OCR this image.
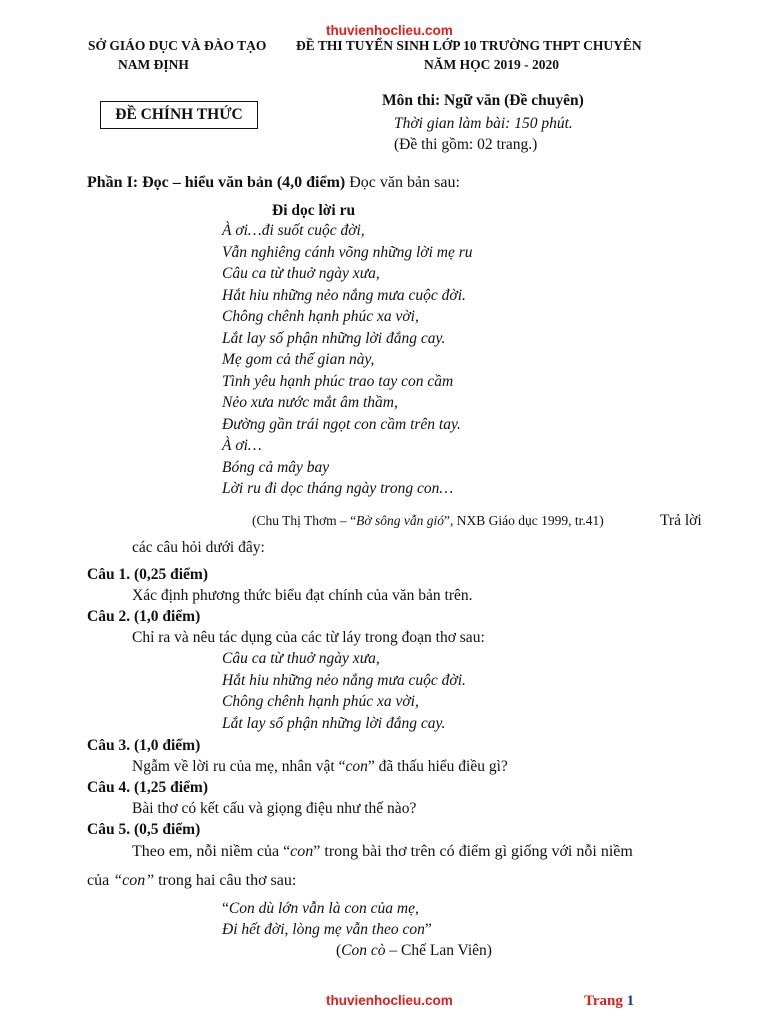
thuvienhoclieu.com
SỞ GIÁO DỤC VÀ ĐÀO TẠO
NAM ĐỊNH
ĐỀ THI TUYỂN SINH LỚP 10 TRƯỜNG THPT CHUYÊN
NĂM HỌC 2019 - 2020
ĐỀ CHÍNH THỨC
Môn thi: Ngữ văn (Đề chuyên)
Thời gian làm bài: 150 phút.
(Đề thi gồm: 02 trang.)
Phần I: Đọc – hiểu văn bản (4,0 điểm) Đọc văn bản sau:
Đi dọc lời ru
À ơi…đi suốt cuộc đời,
Vẫn nghiêng cánh võng những lời mẹ ru
Câu ca từ thuở ngày xưa,
Hắt hiu những nẻo nắng mưa cuộc đời.
Chông chênh hạnh phúc xa vời,
Lắt lay số phận những lời đắng cay.
Mẹ gom cả thế gian này,
Tình yêu hạnh phúc trao tay con cầm
Nẻo xưa nước mắt âm thầm,
Đường gần trái ngọt con cầm trên tay.
À ơi…
Bóng cả mây bay
Lời ru đi dọc tháng ngày trong con…
(Chu Thị Thơm – “Bờ sông vẫn gió”, NXB Giáo dục 1999, tr.41)	Trả lời
các câu hỏi dưới đây:
Câu 1. (0,25 điểm)
Xác định phương thức biểu đạt chính của văn bản trên.
Câu 2. (1,0 điểm)
Chỉ ra và nêu tác dụng của các từ láy trong đoạn thơ sau:
Câu ca từ thuở ngày xưa,
Hắt hiu những nẻo nắng mưa cuộc đời.
Chông chênh hạnh phúc xa vời,
Lắt lay số phận những lời đắng cay.
Câu 3. (1,0 điểm)
Ngẫm về lời ru của mẹ, nhân vật “con” đã thấu hiểu điều gì?
Câu 4. (1,25 điểm)
Bài thơ có kết cấu và giọng điệu như thế nào?
Câu 5. (0,5 điểm)
Theo em, nỗi niềm của “con” trong bài thơ trên có điểm gì giống với nỗi niềm
của “con” trong hai câu thơ sau:
“Con dù lớn vẫn là con của mẹ,
Đi hết đời, lòng mẹ vẫn theo con”
(Con cò – Chế Lan Viên)
thuvienhoclieu.com	Trang 1
